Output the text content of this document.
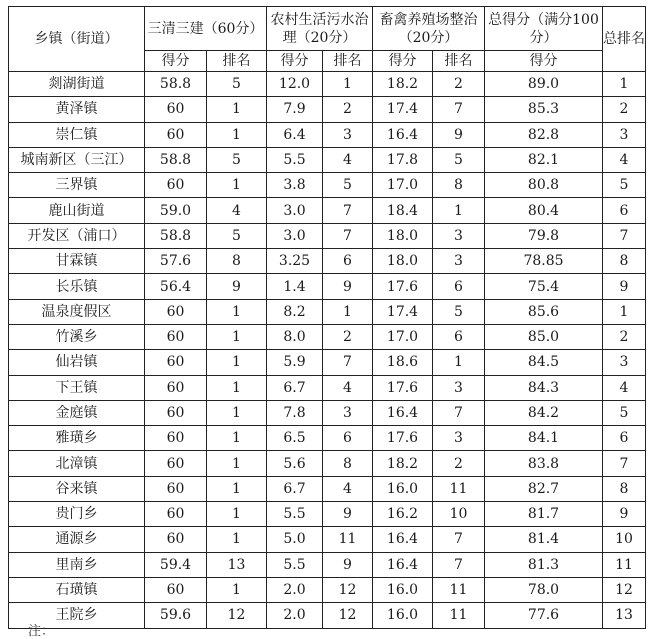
乡镇（街道）	三清三建（60分）		农村生活污水治理（20分）		畜禽养殖场整治（20分）		总得分（满分100分）	总排名
	得分	排名	得分	排名	得分	排名	得分	
剡湖街道	58.8	5	12.0	1	18.2	2	89.0	1
黄泽镇	60	1	7.9	2	17.4	7	85.3	2
崇仁镇	60	1	6.4	3	16.4	9	82.8	3
城南新区（三江）	58.8	5	5.5	4	17.8	5	82.1	4
三界镇	60	1	3.8	5	17.0	8	80.8	5
鹿山街道	59.0	4	3.0	7	18.4	1	80.4	6
开发区（浦口）	58.8	5	3.0	7	18.0	3	79.8	7
甘霖镇	57.6	8	3.25	6	18.0	3	78.85	8
长乐镇	56.4	9	1.4	9	17.6	6	75.4	9
温泉度假区	60	1	8.2	1	17.4	5	85.6	1
竹溪乡	60	1	8.0	2	17.0	6	85.0	2
仙岩镇	60	1	5.9	7	18.6	1	84.5	3
下王镇	60	1	6.7	4	17.6	3	84.3	4
金庭镇	60	1	7.8	3	16.4	7	84.2	5
雅璜乡	60	1	6.5	6	17.6	3	84.1	6
北漳镇	60	1	5.6	8	18.2	2	83.8	7
谷来镇	60	1	6.7	4	16.0	11	82.7	8
贵门乡	60	1	5.5	9	16.2	10	81.7	9
通源乡	60	1	5.0	11	16.4	7	81.4	10
里南乡	59.4	13	5.5	9	16.4	7	81.3	11
石璜镇	60	1	2.0	12	16.0	11	78.0	12
王院乡	59.6	12	2.0	12	16.0	11	77.6	13
注：
